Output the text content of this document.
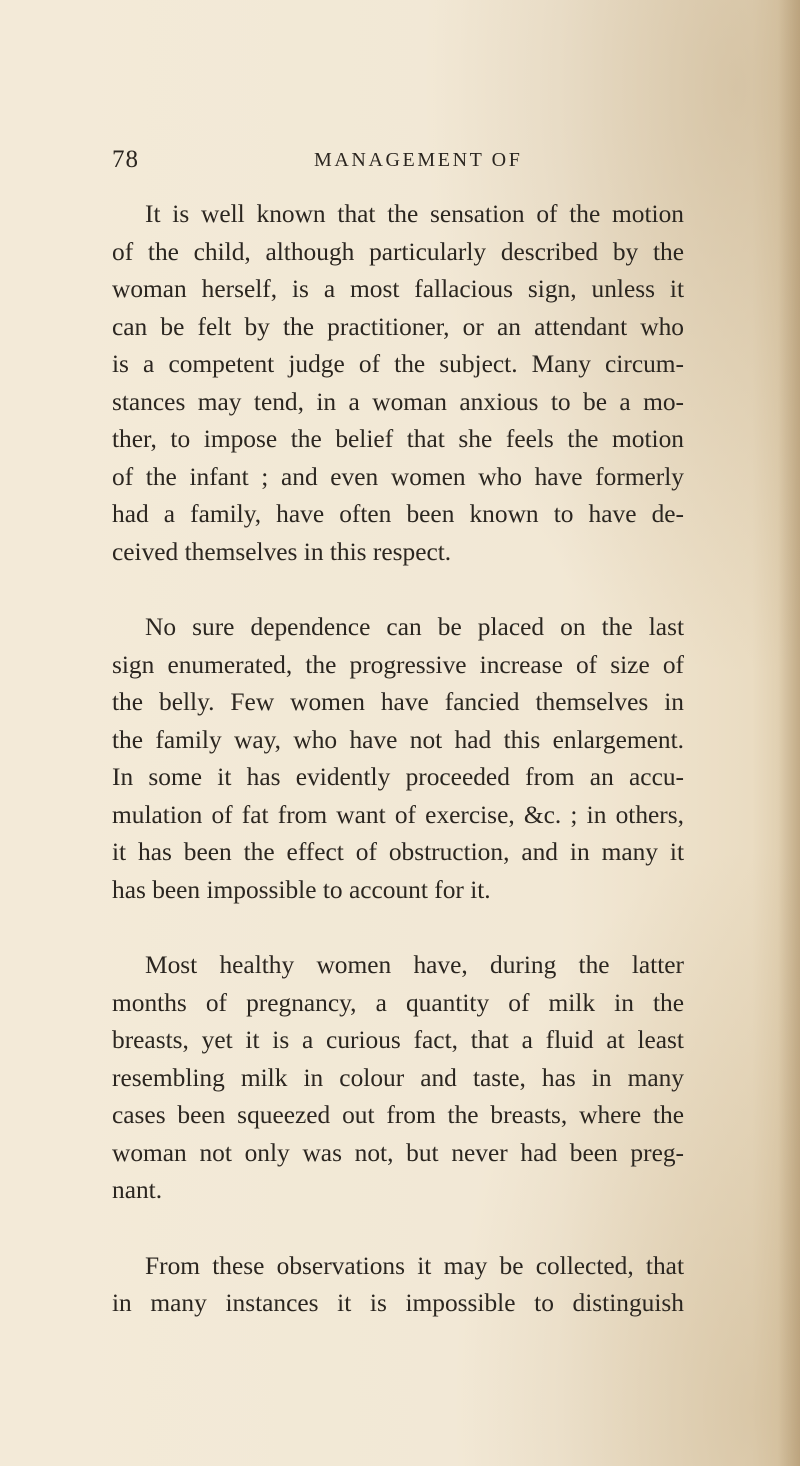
78	MANAGEMENT OF

It is well known that the sensation of the motion
of the child, although particularly described by the
woman herself, is a most fallacious sign, unless it
can be felt by the practitioner, or an attendant who
is a competent judge of the subject. Many circum-
stances may tend, in a woman anxious to be a mo-
ther, to impose the belief that she feels the motion
of the infant ; and even women who have formerly
had a family, have often been known to have de-
ceived themselves in this respect.

No sure dependence can be placed on the last
sign enumerated, the progressive increase of size of
the belly. Few women have fancied themselves in
the family way, who have not had this enlargement.
In some it has evidently proceeded from an accu-
mulation of fat from want of exercise, &c. ; in others,
it has been the effect of obstruction, and in many it
has been impossible to account for it.

Most healthy women have, during the latter
months of pregnancy, a quantity of milk in the
breasts, yet it is a curious fact, that a fluid at least
resembling milk in colour and taste, has in many
cases been squeezed out from the breasts, where the
woman not only was not, but never had been preg-
nant.

From these observations it may be collected, that
in many instances it is impossible to distinguish
